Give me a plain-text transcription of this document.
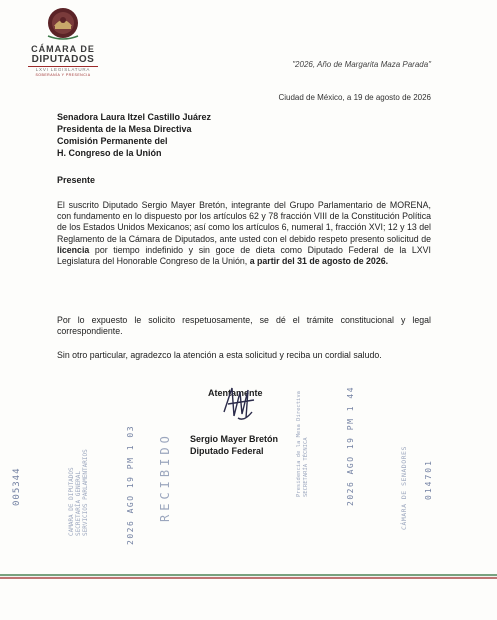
CÁMARA DE
DIPUTADOS
LXVI LEGISLATURA
SOBERANÍA Y PRESENCIA
"2026, Año de Margarita Maza Parada"
Ciudad de México, a 19 de agosto de 2026
Senadora Laura Itzel Castillo Juárez
Presidenta de la Mesa Directiva
Comisión Permanente del
H. Congreso de la Unión
Presente
El suscrito Diputado Sergio Mayer Bretón, integrante del Grupo Parlamentario de MORENA, con fundamento en lo dispuesto por los artículos 62 y 78 fracción VIII de la Constitución Política de los Estados Unidos Mexicanos; así como los artículos 6, numeral 1, fracción XVI; 12 y 13 del Reglamento de la Cámara de Diputados, ante usted con el debido respeto presento solicitud de licencia por tiempo indefinido y sin goce de dieta como Diputado Federal de la LXVI Legislatura del Honorable Congreso de la Unión, a partir del 31 de agosto de 2026.
Por lo expuesto le solicito respetuosamente, se dé el trámite constitucional y legal correspondiente.
Sin otro particular, agradezco la atención a esta solicitud y reciba un cordial saludo.
Atentamente
Sergio Mayer Bretón
Diputado Federal
005344	CÁMARA DE DIPUTADOS SECRETARÍA GENERAL SERVICIOS PARLAMENTARIOS	2026 AGO 19 PM 1 03 RECIBIDO	Presidencia de la Mesa Directiva SECRETARÍA TÉCNICA	2026 AGO 19 PM 1 44	CÁMARA DE SENADORES 014701
